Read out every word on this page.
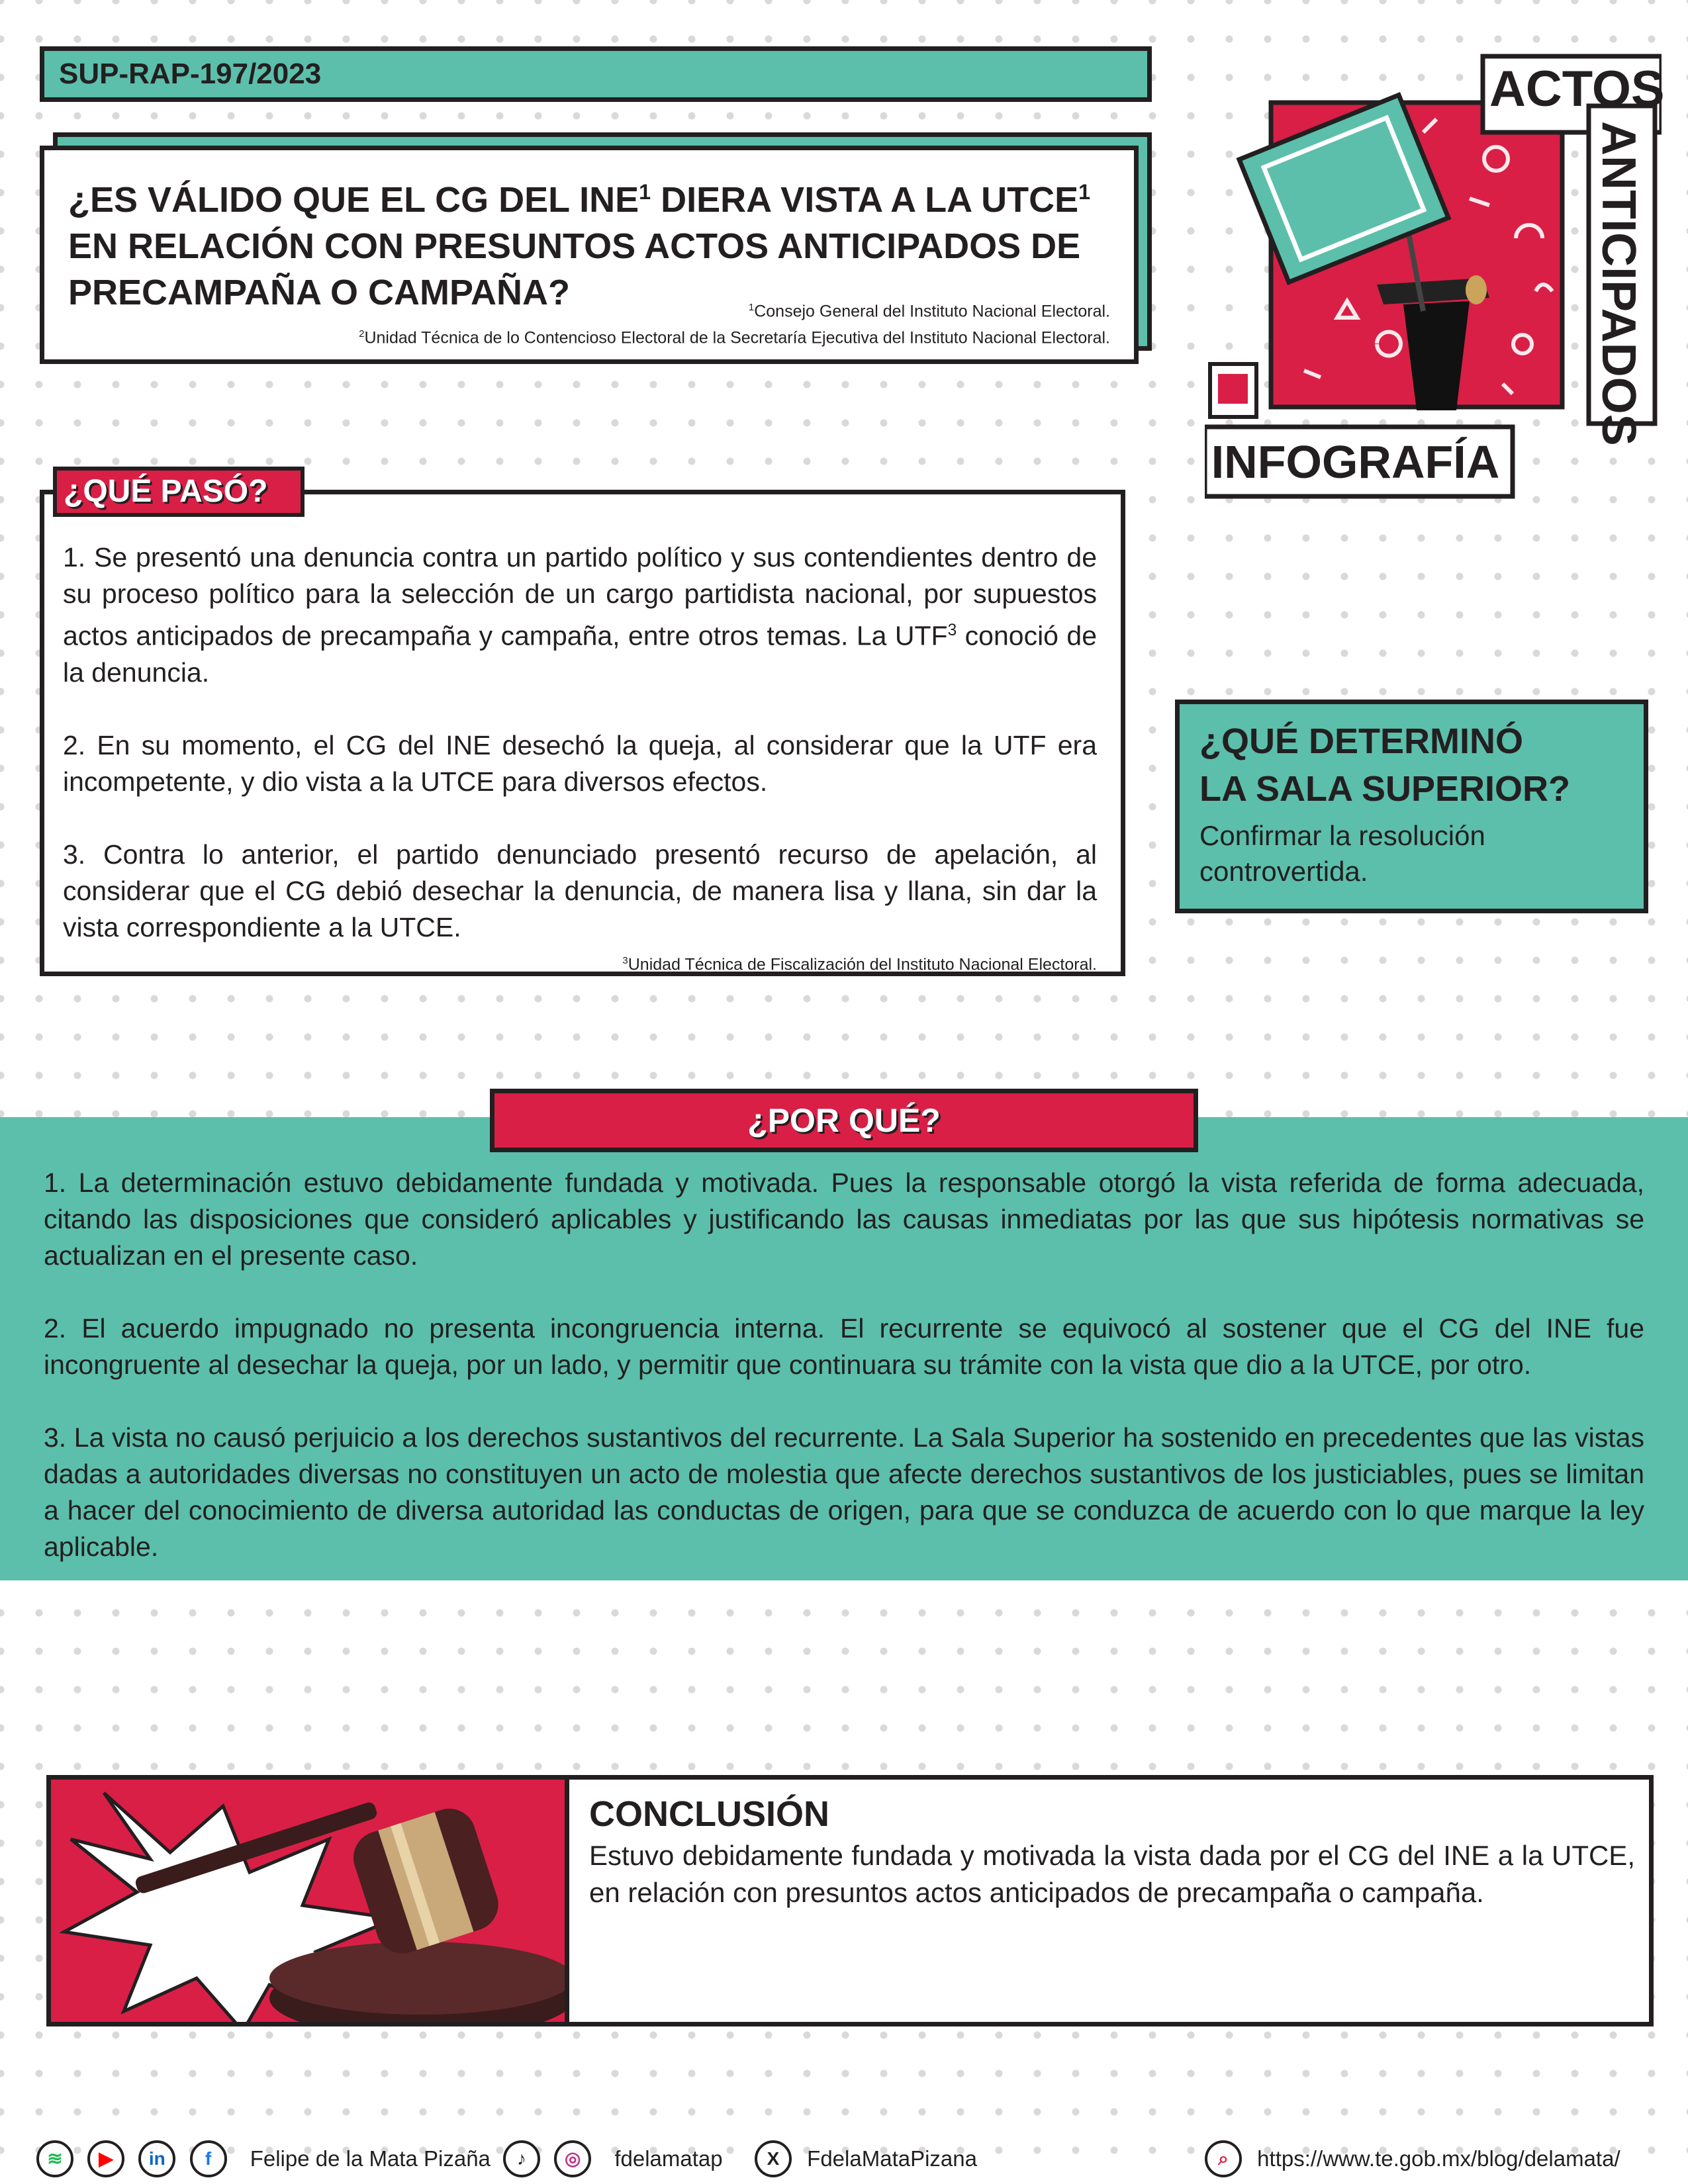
SUP-RAP-197/2023

¿ES VÁLIDO QUE EL CG DEL INE$^1$ DIERA VISTA A LA UTCE$^1$
EN RELACIÓN CON PRESUNTOS ACTOS ANTICIPADOS DE PRECAMPAÑA O CAMPAÑA?	$^1$Consejo General del Instituto Nacional Electoral.
$^2$Unidad Técnica de lo Contencioso Electoral de la Secretaría Ejecutiva del Instituto Nacional Electoral.
ACTOS
ANTICIPADOS
INFOGRAFÍA

1. Se presentó una denuncia contra un partido político y sus contendientes dentro de su proceso político para la selección de un cargo partidista nacional, por supuestos actos anticipados de precampaña y campaña, entre otros temas. La UTF$^3$ conoció de la denuncia.

2. En su momento, el CG del INE desechó la queja, al considerar que la UTF era incompetente, y dio vista a la UTCE para diversos efectos.

3. Contra lo anterior, el partido denunciado presentó recurso de apelación, al considerar que el CG debió desechar la denuncia, de manera lisa y llana, sin dar la vista correspondiente a la UTCE.

$^3$Unidad Técnica de Fiscalización del Instituto Nacional Electoral.
¿QUÉ PASÓ?
¿QUÉ DETERMINÓ
LA SALA SUPERIOR?
Confirmar la resolución controvertida.
¿POR QUÉ?

1. La determinación estuvo debidamente fundada y motivada. Pues la responsable otorgó la vista referida de forma adecuada, citando las disposiciones que consideró aplicables y justificando las causas inmediatas por las que sus hipótesis normativas se actualizan en el presente caso.

2. El acuerdo impugnado no presenta incongruencia interna. El recurrente se equivocó al sostener que el CG del INE fue incongruente al desechar la queja, por un lado, y permitir que continuara su trámite con la vista que dio a la UTCE, por otro.

3. La vista no causó perjuicio a los derechos sustantivos del recurrente. La Sala Superior ha sostenido en precedentes que las vistas dadas a autoridades diversas no constituyen un acto de molestia que afecte derechos sustantivos de los justiciables, pues se limitan a hacer del conocimiento de diversa autoridad las conductas de origen, para que se conduzca de acuerdo con lo que marque la ley aplicable.

CONCLUSIÓN
Estuvo debidamente fundada y motivada la vista dada por el CG del INE a la UTCE, en relación con presuntos actos anticipados de precampaña o campaña.
≋ ▶ in f Felipe de la Mata Pizaña	♪ ◎ fdelamatap	X FdelaMataPizana	⌕ https://www.te.gob.mx/blog/delamata/
